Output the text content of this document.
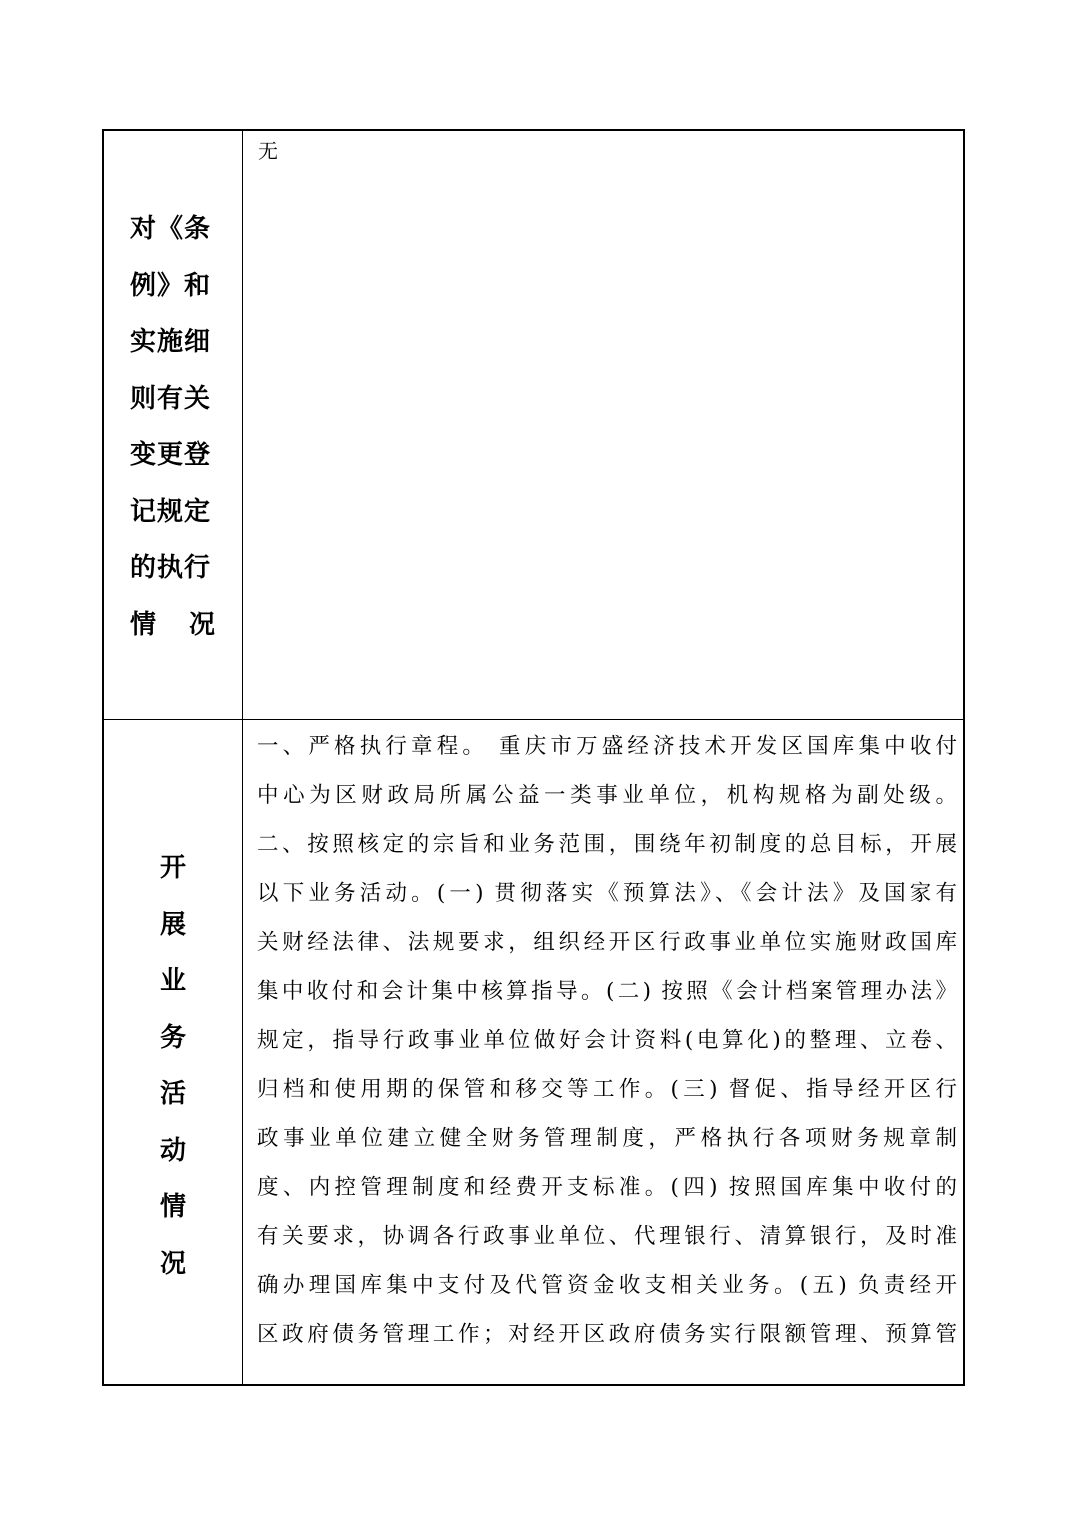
对《条
例》和
实施细
则有关
变更登
记规定
的执行
情 况
无
开
展
业
务
活
动
情
况
一、严格执行章程。 重庆市万盛经济技术开发区国库集中收付
中心为区财政局所属公益一类事业单位，机构规格为副处级。
二、按照核定的宗旨和业务范围，围绕年初制度的总目标，开展
以下业务活动。(一) 贯彻落实《预算法》、《会计法》及国家有
关财经法律、法规要求，组织经开区行政事业单位实施财政国库
集中收付和会计集中核算指导。(二) 按照《会计档案管理办法》
规定，指导行政事业单位做好会计资料(电算化)的整理、立卷、
归档和使用期的保管和移交等工作。(三) 督促、指导经开区行
政事业单位建立健全财务管理制度，严格执行各项财务规章制
度、内控管理制度和经费开支标准。(四) 按照国库集中收付的
有关要求，协调各行政事业单位、代理银行、清算银行，及时准
确办理国库集中支付及代管资金收支相关业务。(五) 负责经开
区政府债务管理工作；对经开区政府债务实行限额管理、预算管
